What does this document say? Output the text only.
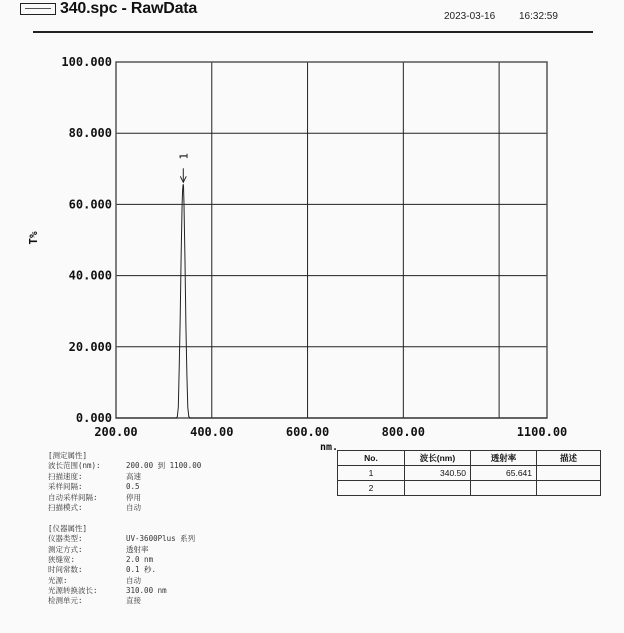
340.spc - RawData	2023-03-16 16:32:59
0.000
20.000
40.000
60.000
80.000
100.000
200.00	400.00	600.00	800.00	1100.00
T%
nm.
1
[测定属性]
波长范围(nm):	200.00 到 1100.00
扫描速度:	高速
采样间隔:	0.5
自动采样间隔:	停用
扫描模式:	自动
[仪器属性]
仪器类型:	UV-3600Plus 系列
测定方式:	透射率
狭缝宽:	2.0 nm
时间常数:	0.1 秒.
光源:	自动
光源转换波长:	310.00 nm
检测单元:	直接
No.	波长(nm)	透射率	描述
1	340.50	65.641	
2			
